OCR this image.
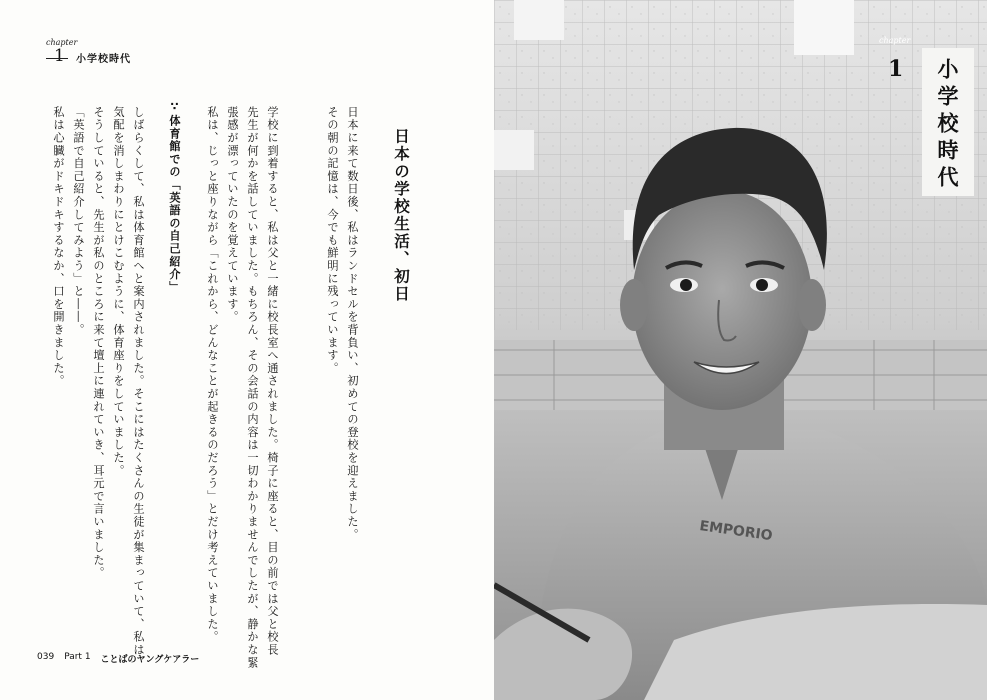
chapter
1 小学校時代
日本の学校生活、初日
日本に来て数日後、私はランドセルを背負い、初めての登校を迎えました。
その朝の記憶は、今でも鮮明に残っています。
学校に到着すると、私は父と一緒に校長室へ通されました。椅子に座ると、目の前では父と校長
先生が何かを話していました。もちろん、その会話の内容は一切わかりませんでしたが、静かな緊
張感が漂っていたのを覚えています。
私は、じっと座りながら「これから、どんなことが起きるのだろう」とだけ考えていました。
∵体育館での「英語の自己紹介」
しばらくして、私は体育館へと案内されました。そこにはたくさんの生徒が集まっていて、私は
気配を消しまわりにとけこむように、体育座りをしていました。
そうしていると、先生が私のところに来て壇上に連れていき、耳元で言いました。
「英語で自己紹介してみよう」と――。
私は心臓がドキドキするなか、口を開きました。
039 Part 1 ことばのヤングケアラー
EMPORIO
chapter
1 小学校時代
